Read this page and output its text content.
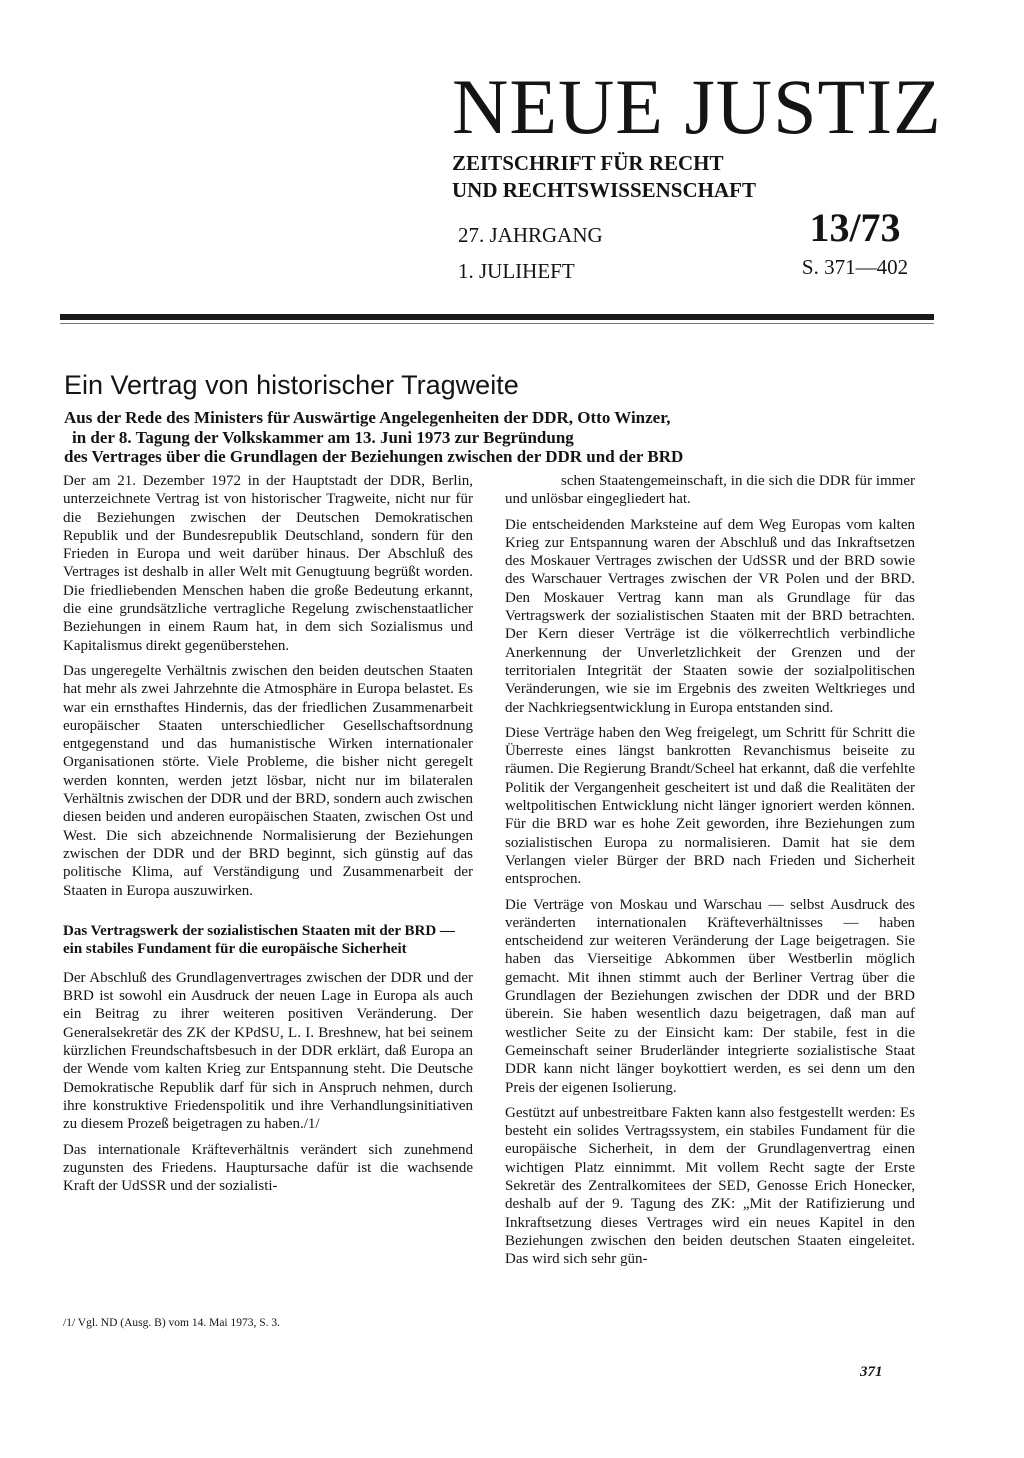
NEUE JUSTIZ
ZEITSCHRIFT FÜR RECHT
UND RECHTSWISSENSCHAFT
27. JAHRGANG
1. JULIHEFT
13/73
S. 371—402
Ein Vertrag von historischer Tragweite
Aus der Rede des Ministers für Auswärtige Angelegenheiten der DDR, Otto Winzer,
in der 8. Tagung der Volkskammer am 13. Juni 1973 zur Begründung
des Vertrages über die Grundlagen der Beziehungen zwischen der DDR und der BRD

Der am 21. Dezember 1972 in der Hauptstadt der DDR, Berlin, unterzeichnete Vertrag ist von historischer Tragweite, nicht nur für die Beziehungen zwischen der Deutschen Demokratischen Republik und der Bundesrepublik Deutschland, sondern für den Frieden in Europa und weit darüber hinaus. Der Abschluß des Vertrages ist deshalb in aller Welt mit Genugtuung begrüßt worden. Die friedliebenden Menschen haben die große Bedeutung erkannt, die eine grundsätzliche vertragliche Regelung zwischenstaatlicher Beziehungen in einem Raum hat, in dem sich Sozialismus und Kapitalismus direkt gegenüberstehen.

Das ungeregelte Verhältnis zwischen den beiden deutschen Staaten hat mehr als zwei Jahrzehnte die Atmosphäre in Europa belastet. Es war ein ernsthaftes Hindernis, das der friedlichen Zusammenarbeit europäischer Staaten unterschiedlicher Gesellschaftsordnung entgegenstand und das humanistische Wirken internationaler Organisationen störte. Viele Probleme, die bisher nicht geregelt werden konnten, werden jetzt lösbar, nicht nur im bilateralen Verhältnis zwischen der DDR und der BRD, sondern auch zwischen diesen beiden und anderen europäischen Staaten, zwischen Ost und West. Die sich abzeichnende Normalisierung der Beziehungen zwischen der DDR und der BRD beginnt, sich günstig auf das politische Klima, auf Verständigung und Zusammenarbeit der Staaten in Europa auszuwirken.

Das Vertragswerk der sozialistischen Staaten mit der BRD — ein stabiles Fundament für die europäische Sicherheit

Der Abschluß des Grundlagenvertrages zwischen der DDR und der BRD ist sowohl ein Ausdruck der neuen Lage in Europa als auch ein Beitrag zu ihrer weiteren positiven Veränderung. Der Generalsekretär des ZK der KPdSU, L. I. Breshnew, hat bei seinem kürzlichen Freundschaftsbesuch in der DDR erklärt, daß Europa an der Wende vom kalten Krieg zur Entspannung steht. Die Deutsche Demokratische Republik darf für sich in Anspruch nehmen, durch ihre konstruktive Friedenspolitik und ihre Verhandlungsinitiativen zu diesem Prozeß beigetragen zu haben./1/

Das internationale Kräfteverhältnis verändert sich zunehmend zugunsten des Friedens. Hauptursache dafür ist die wachsende Kraft der UdSSR und der sozialisti-

schen Staatengemeinschaft, in die sich die DDR für immer und unlösbar eingegliedert hat.

Die entscheidenden Marksteine auf dem Weg Europas vom kalten Krieg zur Entspannung waren der Abschluß und das Inkraftsetzen des Moskauer Vertrages zwischen der UdSSR und der BRD sowie des Warschauer Vertrages zwischen der VR Polen und der BRD. Den Moskauer Vertrag kann man als Grundlage für das Vertragswerk der sozialistischen Staaten mit der BRD betrachten. Der Kern dieser Verträge ist die völkerrechtlich verbindliche Anerkennung der Unverletzlichkeit der Grenzen und der territorialen Integrität der Staaten sowie der sozialpolitischen Veränderungen, wie sie im Ergebnis des zweiten Weltkrieges und der Nachkriegsentwicklung in Europa entstanden sind.

Diese Verträge haben den Weg freigelegt, um Schritt für Schritt die Überreste eines längst bankrotten Revanchismus beiseite zu räumen. Die Regierung Brandt/Scheel hat erkannt, daß die verfehlte Politik der Vergangenheit gescheitert ist und daß die Realitäten der weltpolitischen Entwicklung nicht länger ignoriert werden können. Für die BRD war es hohe Zeit geworden, ihre Beziehungen zum sozialistischen Europa zu normalisieren. Damit hat sie dem Verlangen vieler Bürger der BRD nach Frieden und Sicherheit entsprochen.

Die Verträge von Moskau und Warschau — selbst Ausdruck des veränderten internationalen Kräfteverhältnisses — haben entscheidend zur weiteren Veränderung der Lage beigetragen. Sie haben das Vierseitige Abkommen über Westberlin möglich gemacht. Mit ihnen stimmt auch der Berliner Vertrag über die Grundlagen der Beziehungen zwischen der DDR und der BRD überein. Sie haben wesentlich dazu beigetragen, daß man auf westlicher Seite zu der Einsicht kam: Der stabile, fest in die Gemeinschaft seiner Bruderländer integrierte sozialistische Staat DDR kann nicht länger boykottiert werden, es sei denn um den Preis der eigenen Isolierung.

Gestützt auf unbestreitbare Fakten kann also festgestellt werden: Es besteht ein solides Vertragssystem, ein stabiles Fundament für die europäische Sicherheit, in dem der Grundlagenvertrag einen wichtigen Platz einnimmt. Mit vollem Recht sagte der Erste Sekretär des Zentralkomitees der SED, Genosse Erich Honecker, deshalb auf der 9. Tagung des ZK: „Mit der Ratifizierung und Inkraftsetzung dieses Vertrages wird ein neues Kapitel in den Beziehungen zwischen den beiden deutschen Staaten eingeleitet. Das wird sich sehr gün-

/1/ Vgl. ND (Ausg. B) vom 14. Mai 1973, S. 3.
371
